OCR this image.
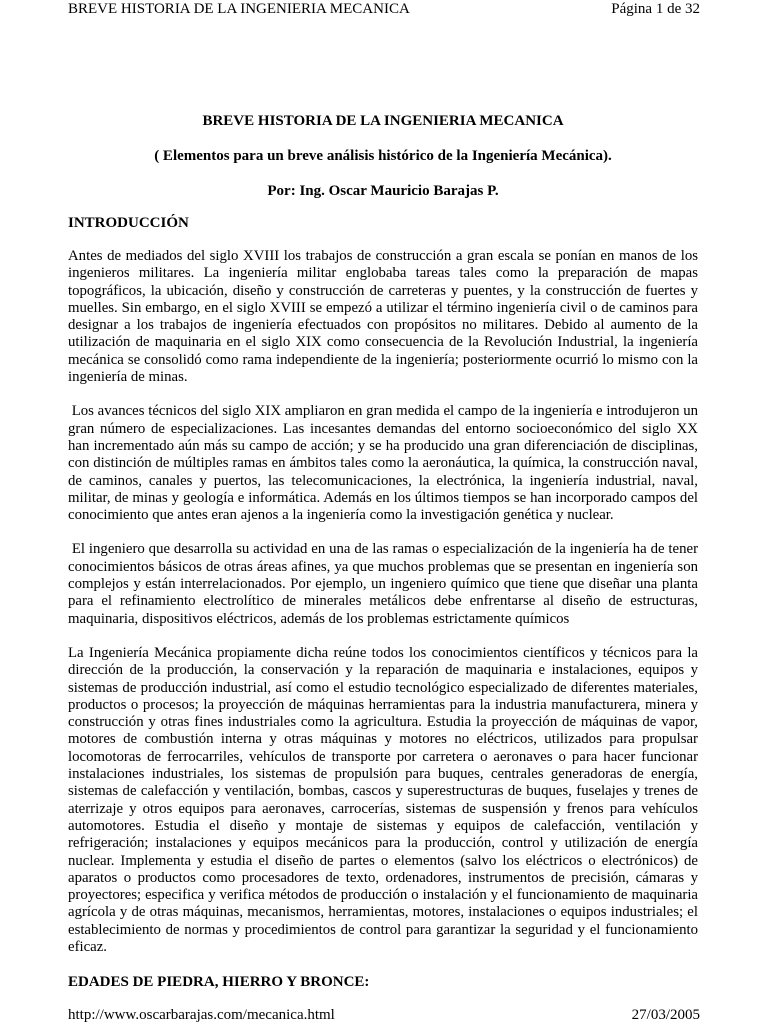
BREVE HISTORIA DE LA INGENIERIA MECANICA	Página 1 de 32

BREVE HISTORIA DE LA INGENIERIA MECANICA

( Elementos para un breve análisis histórico de la Ingeniería Mecánica).

Por: Ing. Oscar Mauricio Barajas P.

INTRODUCCIÓN

Antes de mediados del siglo XVIII los trabajos de construcción a gran escala se ponían en manos de los ingenieros militares. La ingeniería militar englobaba tareas tales como la preparación de mapas topográficos, la ubicación, diseño y construcción de carreteras y puentes, y la construcción de fuertes y muelles. Sin embargo, en el siglo XVIII se empezó a utilizar el término ingeniería civil o de caminos para designar a los trabajos de ingeniería efectuados con propósitos no militares. Debido al aumento de la utilización de maquinaria en el siglo XIX como consecuencia de la Revolución Industrial, la ingeniería mecánica se consolidó como rama independiente de la ingeniería; posteriormente ocurrió lo mismo con la ingeniería de minas.

Los avances técnicos del siglo XIX ampliaron en gran medida el campo de la ingeniería e introdujeron un gran número de especializaciones. Las incesantes demandas del entorno socioeconómico del siglo XX han incrementado aún más su campo de acción; y se ha producido una gran diferenciación de disciplinas, con distinción de múltiples ramas en ámbitos tales como la aeronáutica, la química, la construcción naval, de caminos, canales y puertos, las telecomunicaciones, la electrónica, la ingeniería industrial, naval, militar, de minas y geología e informática. Además en los últimos tiempos se han incorporado campos del conocimiento que antes eran ajenos a la ingeniería como la investigación genética y nuclear.

El ingeniero que desarrolla su actividad en una de las ramas o especialización de la ingeniería ha de tener conocimientos básicos de otras áreas afines, ya que muchos problemas que se presentan en ingeniería son complejos y están interrelacionados. Por ejemplo, un ingeniero químico que tiene que diseñar una planta para el refinamiento electrolítico de minerales metálicos debe enfrentarse al diseño de estructuras, maquinaria, dispositivos eléctricos, además de los problemas estrictamente químicos

La Ingeniería Mecánica propiamente dicha reúne todos los conocimientos científicos y técnicos para la dirección de la producción, la conservación y la reparación de maquinaria e instalaciones, equipos y sistemas de producción industrial, así como el estudio tecnológico especializado de diferentes materiales, productos o procesos; la proyección de máquinas herramientas para la industria manufacturera, minera y construcción y otras fines industriales como la agricultura. Estudia la proyección de máquinas de vapor, motores de combustión interna y otras máquinas y motores no eléctricos, utilizados para propulsar locomotoras de ferrocarriles, vehículos de transporte por carretera o aeronaves o para hacer funcionar instalaciones industriales, los sistemas de propulsión para buques, centrales generadoras de energía, sistemas de calefacción y ventilación, bombas, cascos y superestructuras de buques, fuselajes y trenes de aterrizaje y otros equipos para aeronaves, carrocerías, sistemas de suspensión y frenos para vehículos automotores. Estudia el diseño y montaje de sistemas y equipos de calefacción, ventilación y refrigeración; instalaciones y equipos mecánicos para la producción, control y utilización de energía nuclear. Implementa y estudia el diseño de partes o elementos (salvo los eléctricos o electrónicos) de aparatos o productos como procesadores de texto, ordenadores, instrumentos de precisión, cámaras y proyectores; especifica y verifica métodos de producción o instalación y el funcionamiento de maquinaria agrícola y de otras máquinas, mecanismos, herramientas, motores, instalaciones o equipos industriales; el establecimiento de normas y procedimientos de control para garantizar la seguridad y el funcionamiento eficaz.

EDADES DE PIEDRA, HIERRO Y BRONCE:

http://www.oscarbarajas.com/mecanica.html	27/03/2005
